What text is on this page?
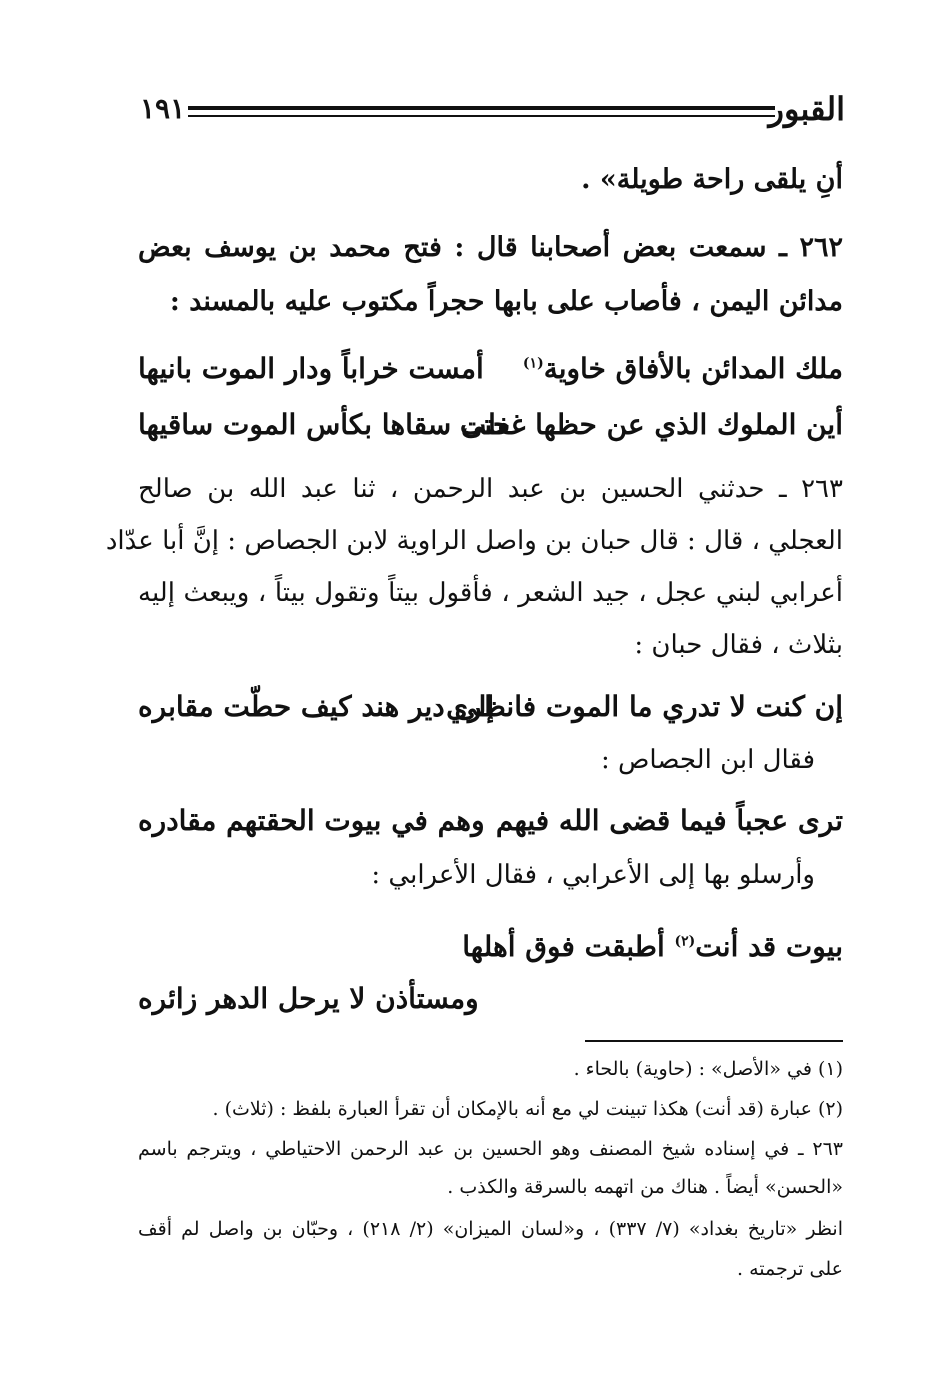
القبور
١٩١
أنِ يلقى راحة طويلة» .
٢٦٢ ـ سمعت بعض أصحابنا قال : فتح محمد بن يوسف بعض
مدائن اليمن ، فأصاب على بابها حجراً مكتوب عليه بالمسند :
ملك المدائن بالأفاق خاوية$^{(١)}$
أمست خراباً ودار الموت بانيها
أين الملوك الذي عن حظها غفلت
حتى سقاها بكأس الموت ساقيها
٢٦٣ ـ حدثني الحسين بن عبد الرحمن ، ثنا عبد الله بن صالح
العجلي ، قال : قال حبان بن واصل الراوية لابن الجصاص : إنَّ أبا عدّاد
أعرابي لبني عجل ، جيد الشعر ، فأقول بيتاً وتقول بيتاً ، ويبعث إليه
بثلاث ، فقال حبان :
إن كنت لا تدري ما الموت فانظري
إلى دير هند كيف حطّت مقابره
فقال ابن الجصاص :
ترى عجباً فيما قضى الله فيهم
وهم في بيوت الحقتهم مقادره
وأرسلو بها إلى الأعرابي ، فقال الأعرابي :
بيوت قد أنت$^{(٢)}$ أطبقت فوق أهلها
ومستأذن لا يرحل الدهر زائره
(١) في «الأصل» : (حاوية) بالحاء .
(٢) عبارة (قد أنت) هكذا تبينت لي مع أنه بالإمكان أن تقرأ العبارة بلفظ : (ثلاث) .
٢٦٣ ـ في إسناده شيخ المصنف وهو الحسين بن عبد الرحمن الاحتياطي ، ويترجم باسم
«الحسن» أيضاً . هناك من اتهمه بالسرقة والكذب .
انظر «تاريخ بغداد» (٧/ ٣٣٧) ، و«لسان الميزان» (٢/ ٢١٨) ، وحبّان بن واصل لم أقف
على ترجمته .
